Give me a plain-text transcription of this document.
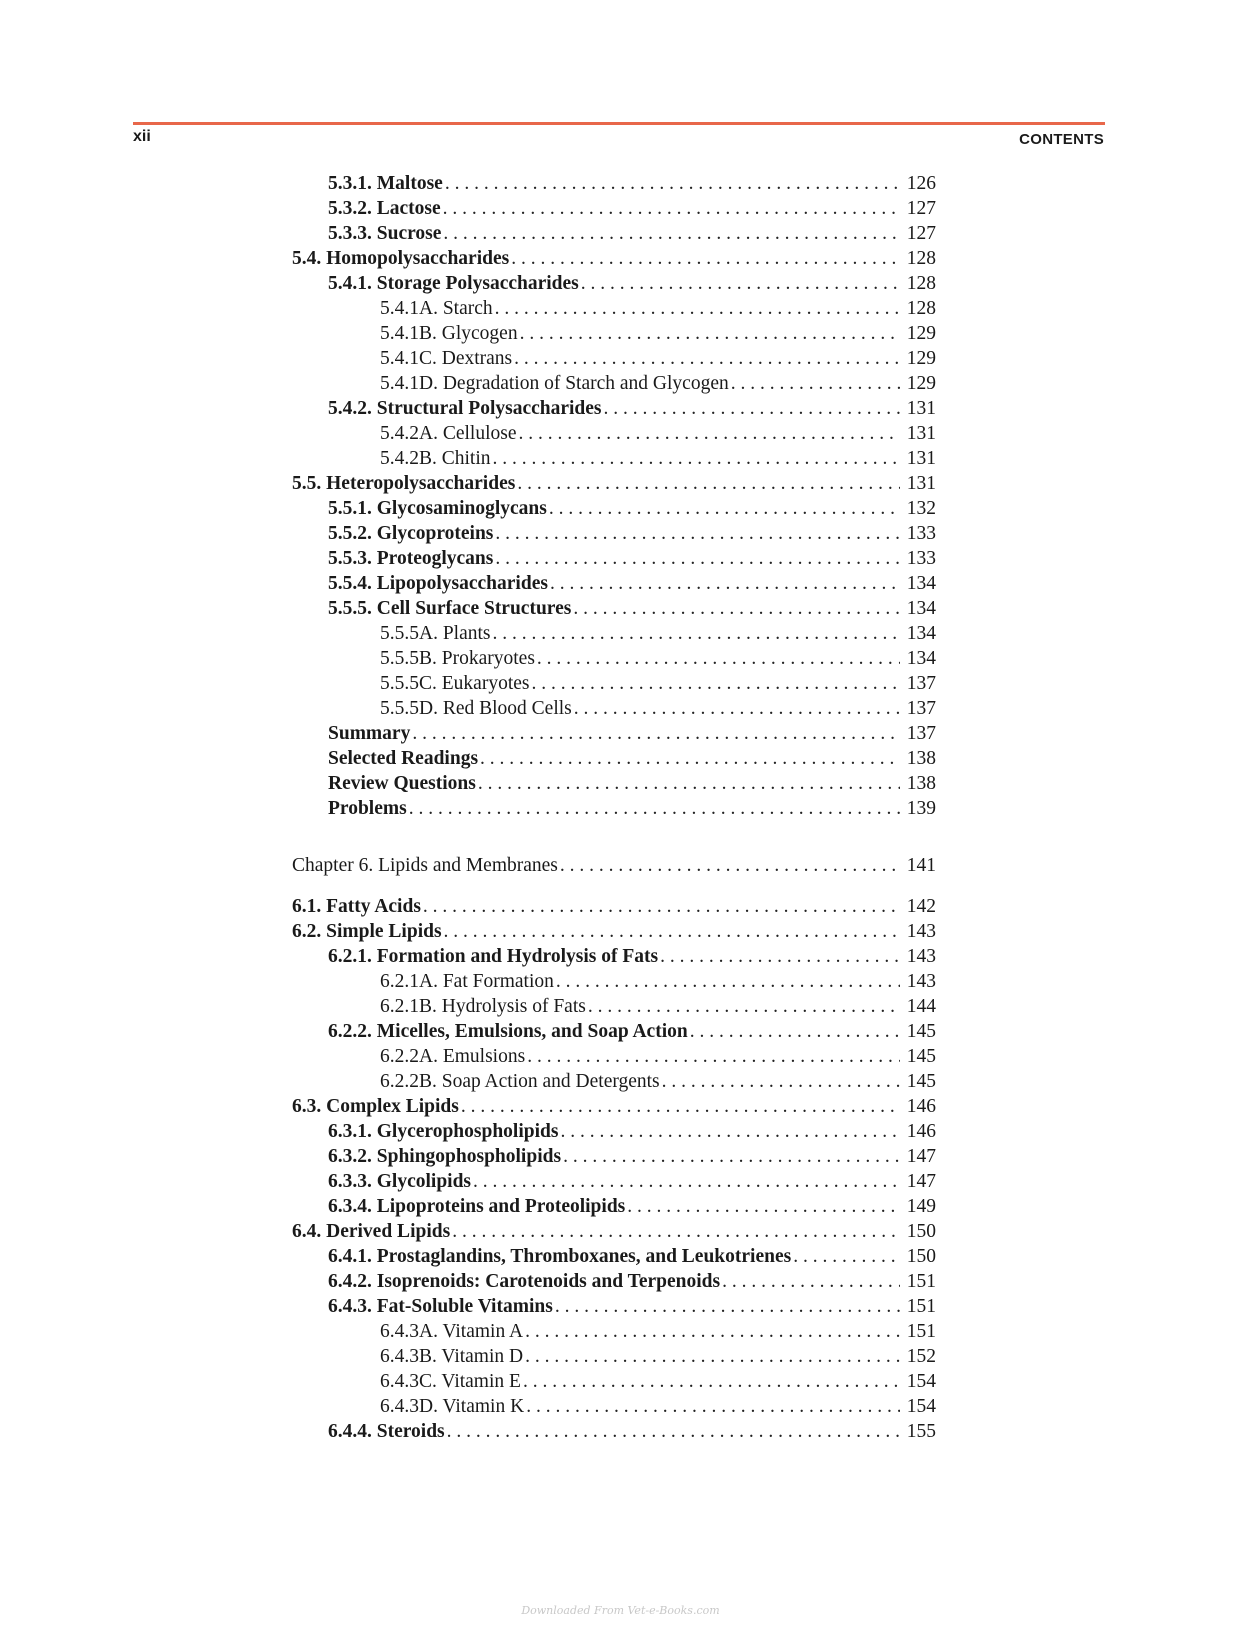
xii	CONTENTS
5.3.1. Maltose . . .	126
5.3.2. Lactose . . .	127
5.3.3. Sucrose . . .	127
5.4. Homopolysaccharides . . .	128
5.4.1. Storage Polysaccharides . . .	128
5.4.1A. Starch . . .	128
5.4.1B. Glycogen . . .	129
5.4.1C. Dextrans . . .	129
5.4.1D. Degradation of Starch and Glycogen . . .	129
5.4.2. Structural Polysaccharides . . .	131
5.4.2A. Cellulose . . .	131
5.4.2B. Chitin . . .	131
5.5. Heteropolysaccharides . . .	131
5.5.1. Glycosaminoglycans . . .	132
5.5.2. Glycoproteins . . .	133
5.5.3. Proteoglycans . . .	133
5.5.4. Lipopolysaccharides . . .	134
5.5.5. Cell Surface Structures . . .	134
5.5.5A. Plants . . .	134
5.5.5B. Prokaryotes . . .	134
5.5.5C. Eukaryotes . . .	137
5.5.5D. Red Blood Cells . . .	137
Summary . . .	137
Selected Readings . . .	138
Review Questions . . .	138
Problems . . .	139
Chapter 6. Lipids and Membranes . . .	141
6.1. Fatty Acids . . .	142
6.2. Simple Lipids . . .	143
6.2.1. Formation and Hydrolysis of Fats . . .	143
6.2.1A. Fat Formation . . .	143
6.2.1B. Hydrolysis of Fats . . .	144
6.2.2. Micelles, Emulsions, and Soap Action . . .	145
6.2.2A. Emulsions . . .	145
6.2.2B. Soap Action and Detergents . . .	145
6.3. Complex Lipids . . .	146
6.3.1. Glycerophospholipids . . .	146
6.3.2. Sphingophospholipids . . .	147
6.3.3. Glycolipids . . .	147
6.3.4. Lipoproteins and Proteolipids . . .	149
6.4. Derived Lipids . . .	150
6.4.1. Prostaglandins, Thromboxanes, and Leukotrienes . . .	150
6.4.2. Isoprenoids: Carotenoids and Terpenoids . . .	151
6.4.3. Fat-Soluble Vitamins . . .	151
6.4.3A. Vitamin A . . .	151
6.4.3B. Vitamin D . . .	152
6.4.3C. Vitamin E . . .	154
6.4.3D. Vitamin K . . .	154
6.4.4. Steroids . . .	155
Downloaded From Vet-e-Books.com
